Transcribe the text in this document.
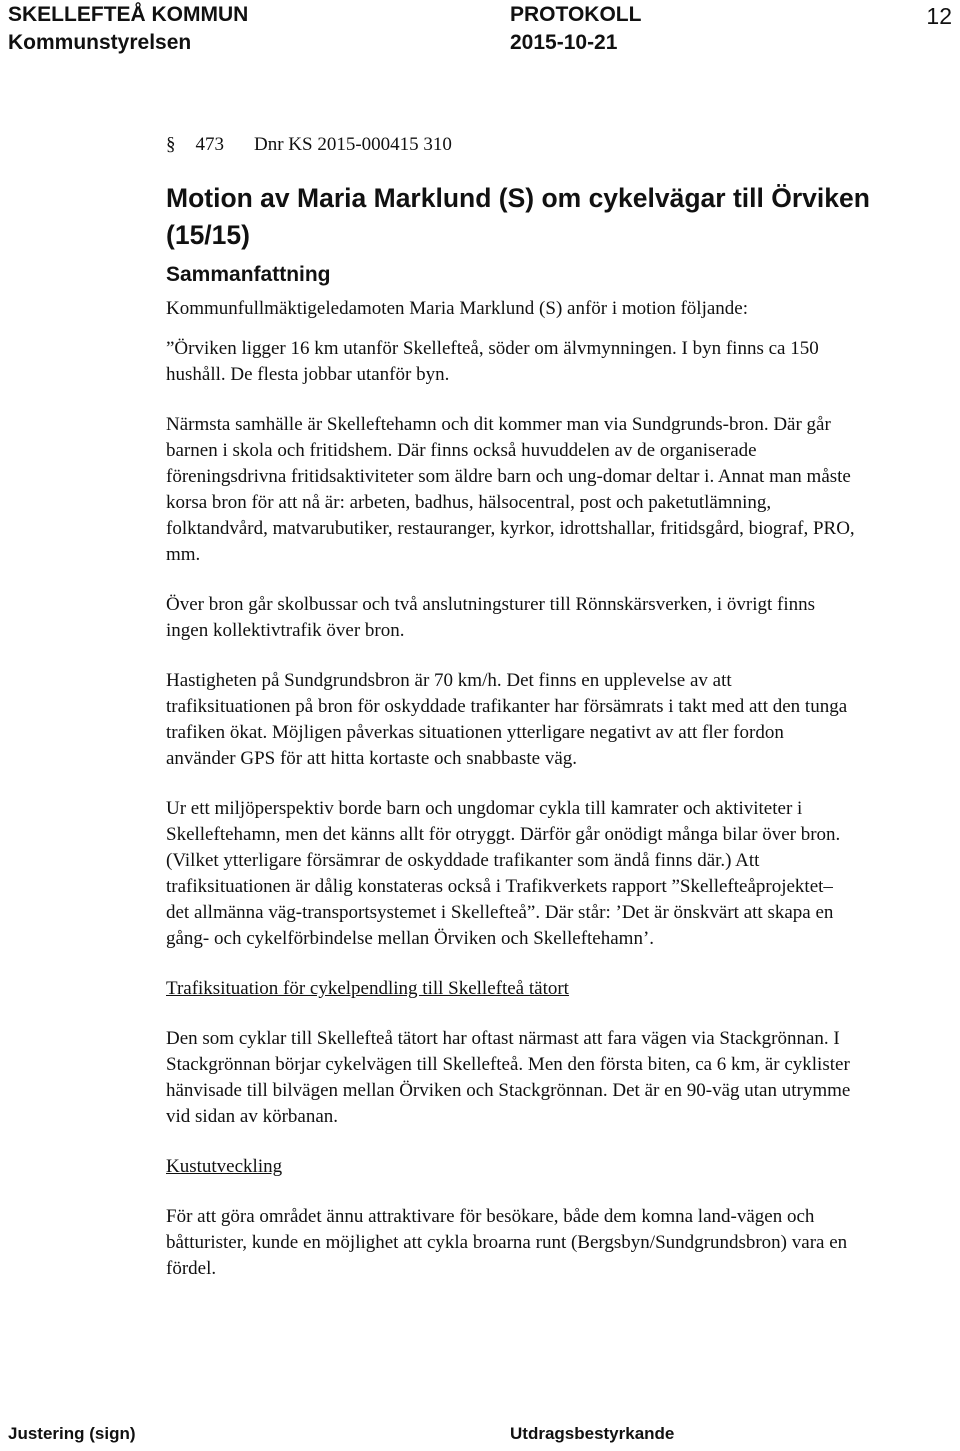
SKELLEFTEÅ KOMMUN
Kommunstyrelsen
PROTOKOLL
2015-10-21
12
§ 473 Dnr KS 2015-000415 310
Motion av Maria Marklund (S) om cykelvägar till Örviken (15/15)
Sammanfattning

Kommunfullmäktigeledamoten Maria Marklund (S) anför i motion följande:

”Örviken ligger 16 km utanför Skellefteå, söder om älvmynningen. I byn finns ca 150 hushåll. De flesta jobbar utanför byn.

Närmsta samhälle är Skelleftehamn och dit kommer man via Sundgrunds-bron. Där går barnen i skola och fritidshem. Där finns också huvuddelen av de organiserade föreningsdrivna fritidsaktiviteter som äldre barn och ung-domar deltar i. Annat man måste korsa bron för att nå är: arbeten, badhus, hälsocentral, post och paketutlämning, folktandvård, matvarubutiker, restauranger, kyrkor, idrottshallar, fritidsgård, biograf, PRO, mm.

Över bron går skolbussar och två anslutningsturer till Rönnskärsverken, i övrigt finns ingen kollektivtrafik över bron.

Hastigheten på Sundgrundsbron är 70 km/h. Det finns en upplevelse av att trafiksituationen på bron för oskyddade trafikanter har försämrats i takt med att den tunga trafiken ökat. Möjligen påverkas situationen ytterligare negativt av att fler fordon använder GPS för att hitta kortaste och snabbaste väg.

Ur ett miljöperspektiv borde barn och ungdomar cykla till kamrater och aktiviteter i Skelleftehamn, men det känns allt för otryggt. Därför går onödigt många bilar över bron. (Vilket ytterligare försämrar de oskyddade trafikanter som ändå finns där.) Att trafiksituationen är dålig konstateras också i Trafikverkets rapport ”Skellefteåprojektet–det allmänna väg-transportsystemet i Skellefteå”. Där står: ’Det är önskvärt att skapa en gång- och cykelförbindelse mellan Örviken och Skelleftehamn’.

Trafiksituation för cykelpendling till Skellefteå tätort

Den som cyklar till Skellefteå tätort har oftast närmast att fara vägen via Stackgrönnan. I Stackgrönnan börjar cykelvägen till Skellefteå. Men den första biten, ca 6 km, är cyklister hänvisade till bilvägen mellan Örviken och Stackgrönnan. Det är en 90-väg utan utrymme vid sidan av körbanan.

Kustutveckling

För att göra området ännu attraktivare för besökare, både dem komna land-vägen och båtturister, kunde en möjlighet att cykla broarna runt (Bergsbyn/Sundgrundsbron) vara en fördel.

Justering (sign)	Utdragsbestyrkande
